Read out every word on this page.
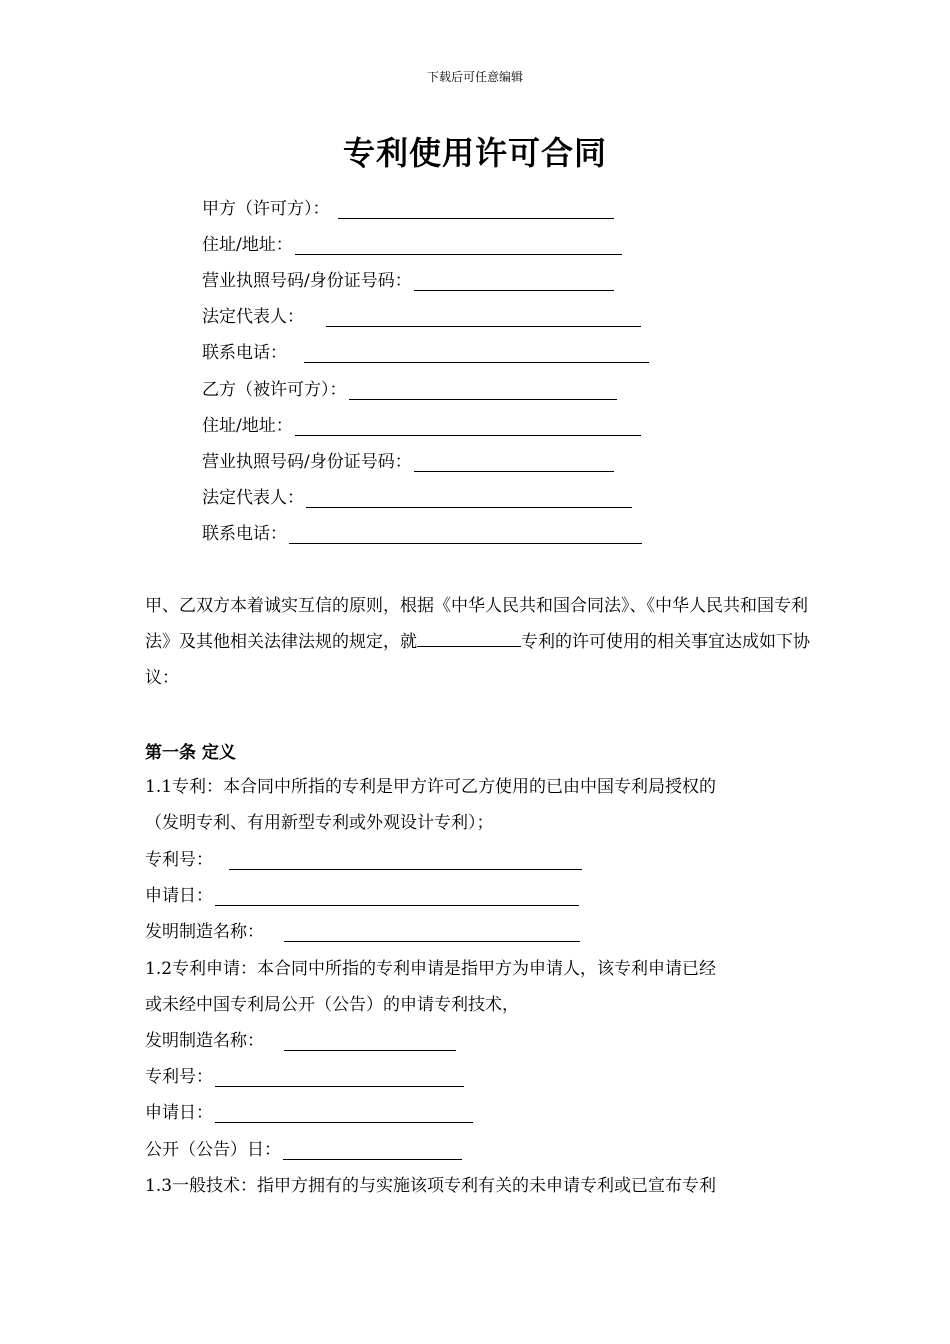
下载后可任意编辑
专利使用许可合同
甲方（许可方）：
住址/地址：
营业执照号码/身份证号码：
法定代表人：
联系电话：
乙方（被许可方）：
住址/地址：
营业执照号码/身份证号码：
法定代表人：
联系电话：
甲、乙双方本着诚实互信的原则，根据《中华人民共和国合同法》、《中华人民共和国专利法》及其他相关法律法规的规定，就	专利的许可使用的相关事宜达成如下协议：
第一条 定义
1.1专利：本合同中所指的专利是甲方许可乙方使用的已由中国专利局授权的
（发明专利、有用新型专利或外观设计专利）；
专利号：
申请日：
发明制造名称：
1.2专利申请：本合同中所指的专利申请是指甲方为申请人，该专利申请已经
或未经中国专利局公开（公告）的申请专利技术，
发明制造名称：
专利号：
申请日：
公开（公告）日：
1.3一般技术：指甲方拥有的与实施该项专利有关的未申请专利或已宣布专利
